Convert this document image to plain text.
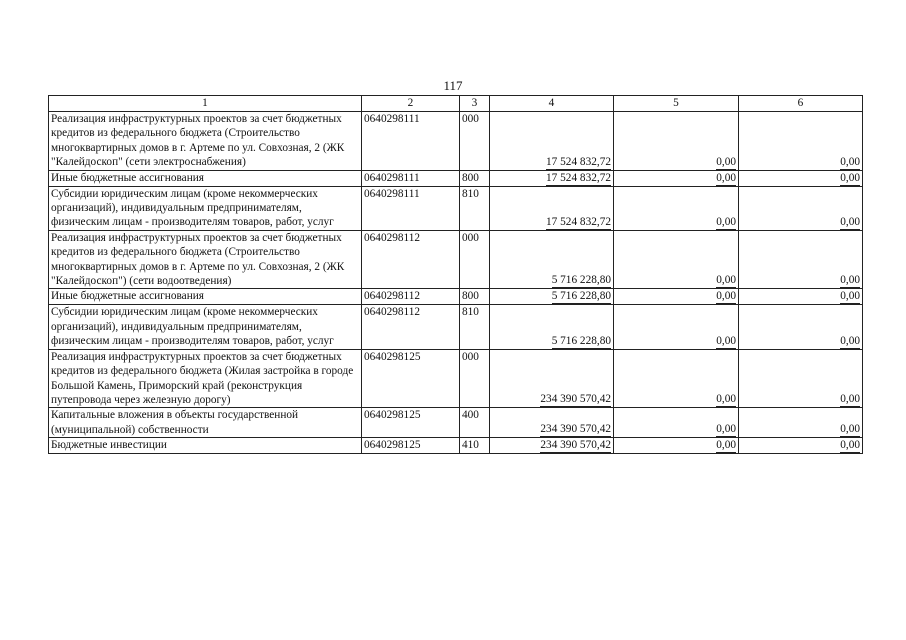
117
1	2	3	4	5	6
Реализация инфраструктурных проектов за счет бюджетных кредитов из федерального бюджета (Строительство многоквартирных домов в г. Артеме по ул. Совхозная, 2 (ЖК "Калейдоскоп" (сети электроснабжения)	0640298111	000	17 524 832,72	0,00	0,00
Иные бюджетные ассигнования	0640298111	800	17 524 832,72	0,00	0,00
Субсидии юридическим лицам (кроме некоммерческих организаций), индивидуальным предпринимателям, физическим лицам - производителям товаров, работ, услуг	0640298111	810	17 524 832,72	0,00	0,00
Реализация инфраструктурных проектов за счет бюджетных кредитов из федерального бюджета (Строительство многоквартирных домов в г. Артеме по ул. Совхозная, 2 (ЖК "Калейдоскоп") (сети водоотведения)	0640298112	000	5 716 228,80	0,00	0,00
Иные бюджетные ассигнования	0640298112	800	5 716 228,80	0,00	0,00
Субсидии юридическим лицам (кроме некоммерческих организаций), индивидуальным предпринимателям, физическим лицам - производителям товаров, работ, услуг	0640298112	810	5 716 228,80	0,00	0,00
Реализация инфраструктурных проектов за счет бюджетных кредитов из федерального бюджета (Жилая застройка в городе Большой Камень, Приморский край (реконструкция путепровода через железную дорогу)	0640298125	000	234 390 570,42	0,00	0,00
Капитальные вложения в объекты государственной (муниципальной) собственности	0640298125	400	234 390 570,42	0,00	0,00
Бюджетные инвестиции	0640298125	410	234 390 570,42	0,00	0,00
